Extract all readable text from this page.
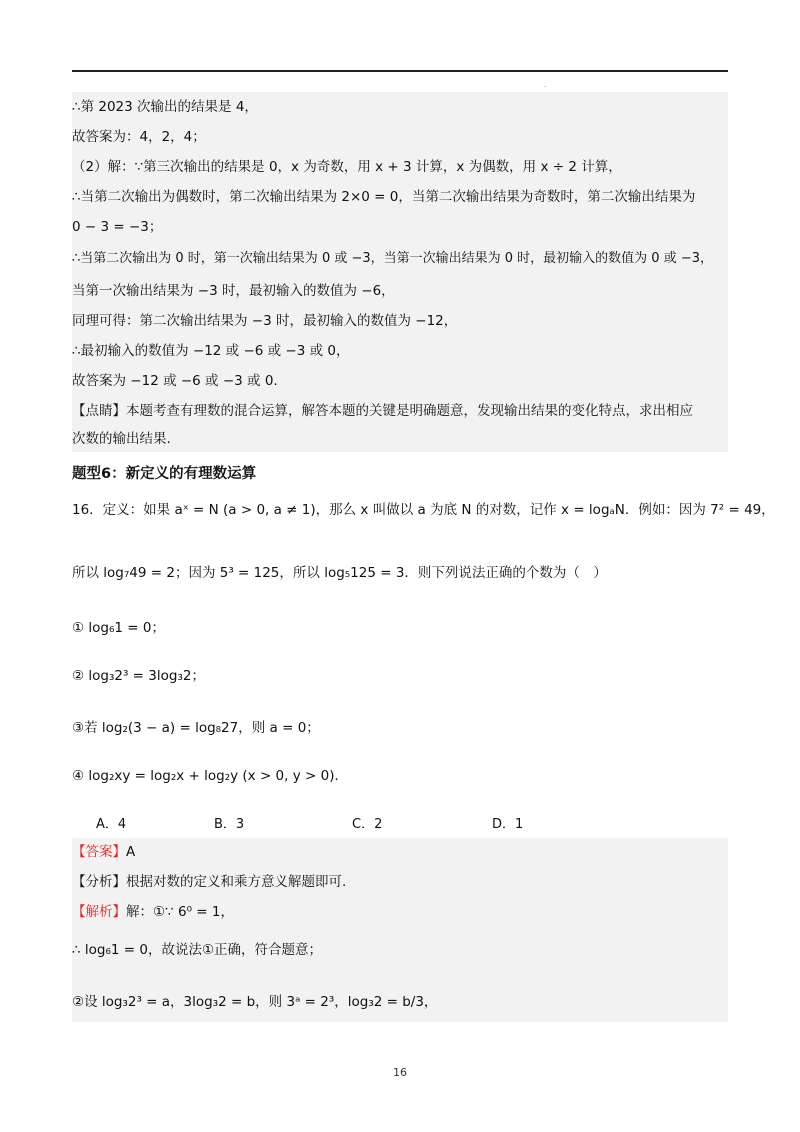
.
∴第 2023 次输出的结果是 4，
故答案为：4，2，4；
（2）解：∵第三次输出的结果是 0，x 为奇数，用 x + 3 计算，x 为偶数，用 x ÷ 2 计算，
∴当第二次输出为偶数时，第二次输出结果为 2×0 = 0，当第二次输出结果为奇数时，第二次输出结果为
0 − 3 = −3；
∴当第二次输出为 0 时，第一次输出结果为 0 或 −3，当第一次输出结果为 0 时，最初输入的数值为 0 或 −3，
当第一次输出结果为 −3 时，最初输入的数值为 −6，
同理可得：第二次输出结果为 −3 时，最初输入的数值为 −12，
∴最初输入的数值为 −12 或 −6 或 −3 或 0，
故答案为 −12 或 −6 或 −3 或 0.
【点睛】本题考查有理数的混合运算，解答本题的关键是明确题意，发现输出结果的变化特点，求出相应
次数的输出结果.
题型6：新定义的有理数运算
16．定义：如果 aˣ = N (a > 0, a ≠ 1)，那么 x 叫做以 a 为底 N 的对数，记作 x = logₐN．例如：因为 7² = 49，
所以 log₇49 = 2；因为 5³ = 125，所以 log₅125 = 3．则下列说法正确的个数为（　）
① log₆1 = 0；
② log₃2³ = 3log₃2；
③若 log₂(3 − a) = log₈27，则 a = 0；
④ log₂xy = log₂x + log₂y (x > 0, y > 0)．
A．4	B．3	C．2	D．1
【答案】A
【分析】根据对数的定义和乘方意义解题即可.
【解析】解：①∵ 6⁰ = 1，
∴ log₆1 = 0，故说法①正确，符合题意；
②设 log₃2³ = a，3log₃2 = b，则 3ᵃ = 2³，log₃2 = b/3，
16
